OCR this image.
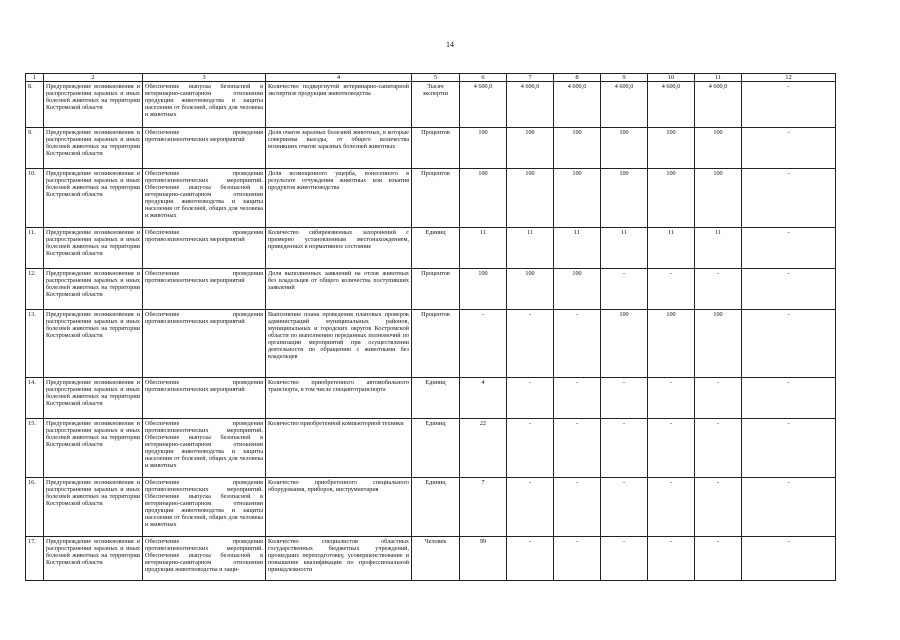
14
1	2	3	4	5	6	7	8	9	10	11	12
8.	Предупреждение возникновения и распространения заразных и иных болезней животных на территории Костромской области	Обеспечение выпуска безопасной в ветеринарно-санитарном отношении продукции животноводства и защиты населения от болезней, общих для человека и животных	Количество подвергнутой ветеринарно-санитарной экспертизе продукции животноводства	Тысяч экспертиз	4 600,0	4 600,0	4 600,0	4 600,0	4 600,0	4 600,0	-
9.	Предупреждение возникновения и распространения заразных и иных болезней животных на территории Костромской области	Обеспечение проведения противоэпизоотических мероприятий	Доля очагов заразных болезней животных, в которые совершены выезды, от общего количества возникших очагов заразных болезней животных	Процентов	100	100	100	100	100	100	-
10.	Предупреждение возникновения и распространения заразных и иных болезней животных на территории Костромской области	Обеспечение проведения противоэпизоотических мероприятий. Обеспечение выпуска безопасной в ветеринарно-санитарном отношении продукции животноводства и защиты населения от болезней, общих для человека и животных	Доля возмещенного ущерба, понесенного в результате отчуждения животных или изъятия продуктов животноводства	Процентов	100	100	100	100	100	100	-
11.	Предупреждение возникновения и распространения заразных и иных болезней животных на территории Костромской области	Обеспечение проведения противоэпизоотических мероприятий	Количество сибиреязвенных захоронений с примерно установленным местонахождением, приведенных в нормативное состояние	Единиц	11	11	11	11	11	11	-
12.	Предупреждение возникновения и распространения заразных и иных болезней животных на территории Костромской области	Обеспечение проведения противоэпизоотических мероприятий	Доля выполненных заявлений на отлов животных без владельцев от общего количества поступивших заявлений	Процентов	100	100	100	-	-	-	-
13.	Предупреждение возникновения и распространения заразных и иных болезней животных на территории Костромской области	Обеспечение проведения противоэпизоотических мероприятий	Выполнение плана проведения плановых проверок администраций муниципальных районов, муниципальных и городских округов Костромской области по выполнению переданных полномочий по организации мероприятий при осуществлении деятельности по обращению с животными без владельцев	Процентов	-	-	-	100	100	100	-
14.	Предупреждение возникновения и распространения заразных и иных болезней животных на территории Костромской области	Обеспечение проведения противоэпизоотических мероприятий	Количество приобретенного автомобильного транспорта, в том числе спецавтотранспорта	Единиц	4	-	-	-	-	-	-
15.	Предупреждение возникновения и распространения заразных и иных болезней животных на территории Костромской области	Обеспечение проведения противоэпизоотических мероприятий. Обеспечение выпуска безопасной в ветеринарно-санитарном отношении продукции животноводства и защиты населения от болезней, общих для человека и животных	Количество приобретенной компьютерной техники	Единиц	22	-	-	-	-	-	-
16.	Предупреждение возникновения и распространения заразных и иных болезней животных на территории Костромской области	Обеспечение проведения противоэпизоотических мероприятий. Обеспечение выпуска безопасной в ветеринарно-санитарном отношении продукции животноводства и защиты населения от болезней, общих для человека и животных	Количество приобретенного специального оборудования, приборов, инструментария	Единиц	7	-	-	-	-	-	-
17.	Предупреждение возникновения и распространения заразных и иных болезней животных на территории Костромской области	Обеспечение проведения противоэпизоотических мероприятий. Обеспечение выпуска безопасной в ветеринарно-санитарном отношении продукции животноводства и защи-	Количество специалистов областных государственных бюджетных учреждений, прошедших переподготовку, усовершенствование и повышение квалификации по профессиональной принадлежности	Человек	99	-	-	-	-	-	-
